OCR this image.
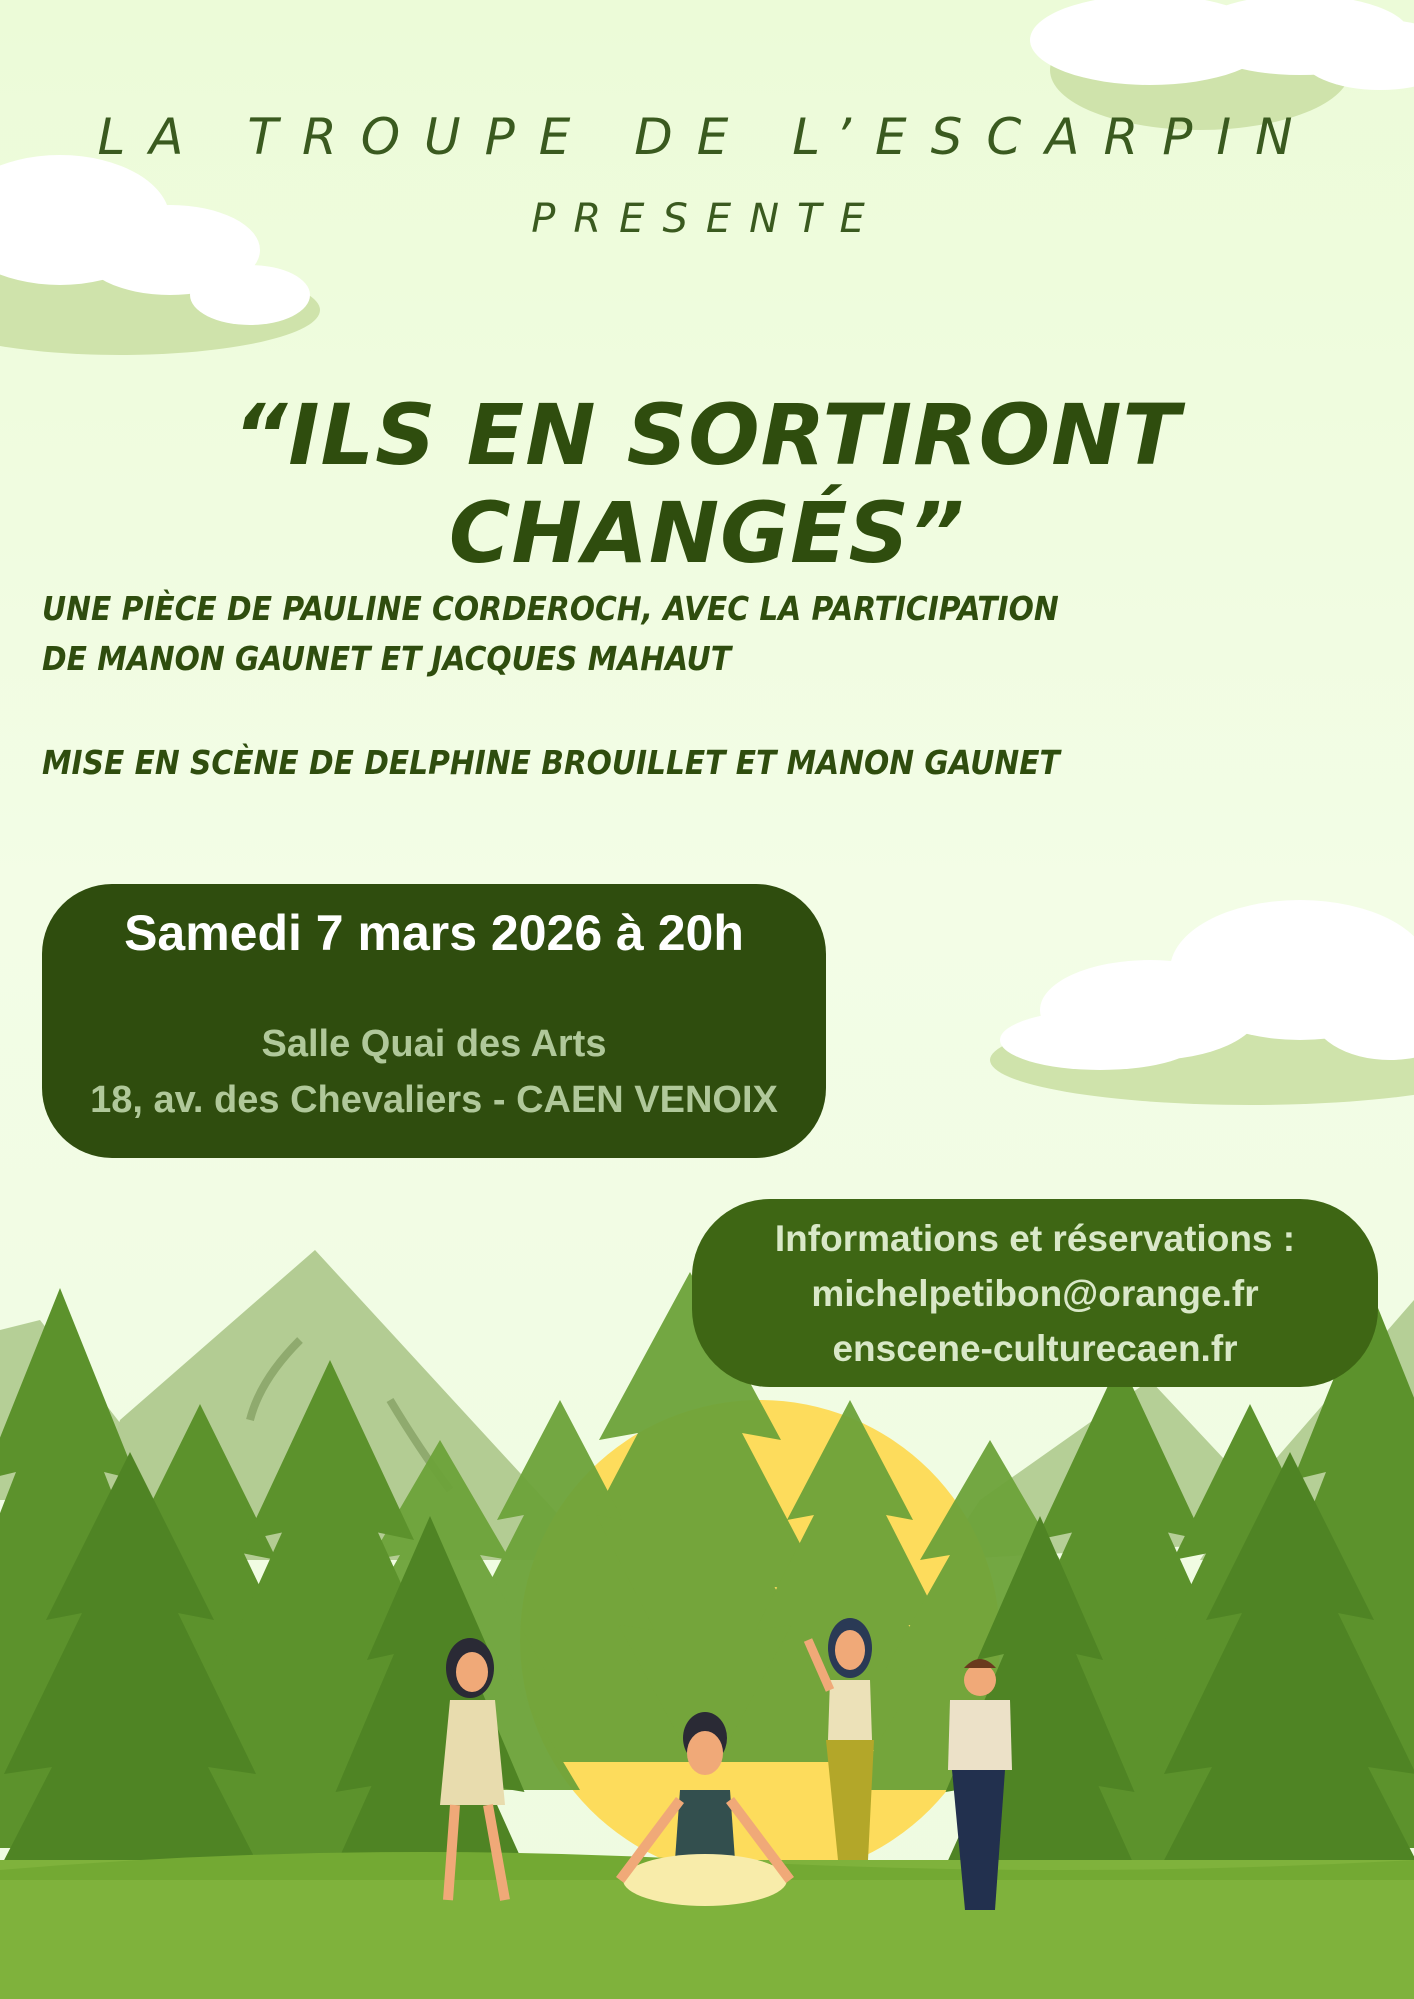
LA TROUPE DE L’ESCARPIN
PRESENTE
“ILS EN SORTIRONT CHANGÉS”
UNE PIÈCE DE PAULINE CORDEROCH, AVEC LA PARTICIPATION
DE MANON GAUNET ET JACQUES MAHAUT
MISE EN SCÈNE DE DELPHINE BROUILLET ET MANON GAUNET
Samedi 7 mars 2026 à 20h
Salle Quai des Arts
18, av. des Chevaliers - CAEN VENOIX
Informations et réservations :
michelpetibon@orange.fr
enscene-culturecaen.fr
